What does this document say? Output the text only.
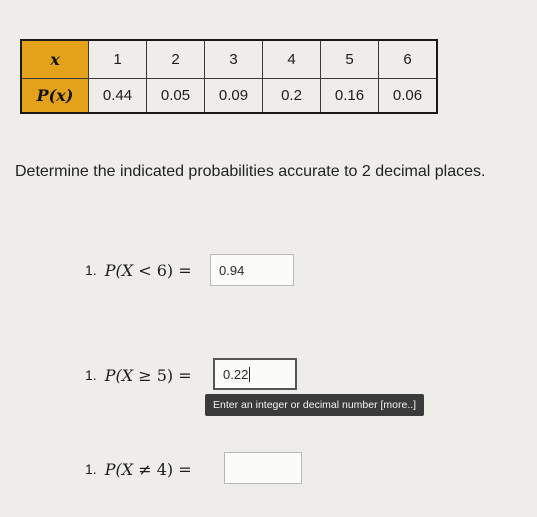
x	1	2	3	4	5	6
P(x)	0.44	0.05	0.09	0.2	0.16	0.06
Determine the indicated probabilities accurate to 2 decimal places.
1. P(X < 6) = 0.94
1. P(X ≥ 5) = 0.22
Enter an integer or decimal number [more..]
1. P(X ≠ 4) =
